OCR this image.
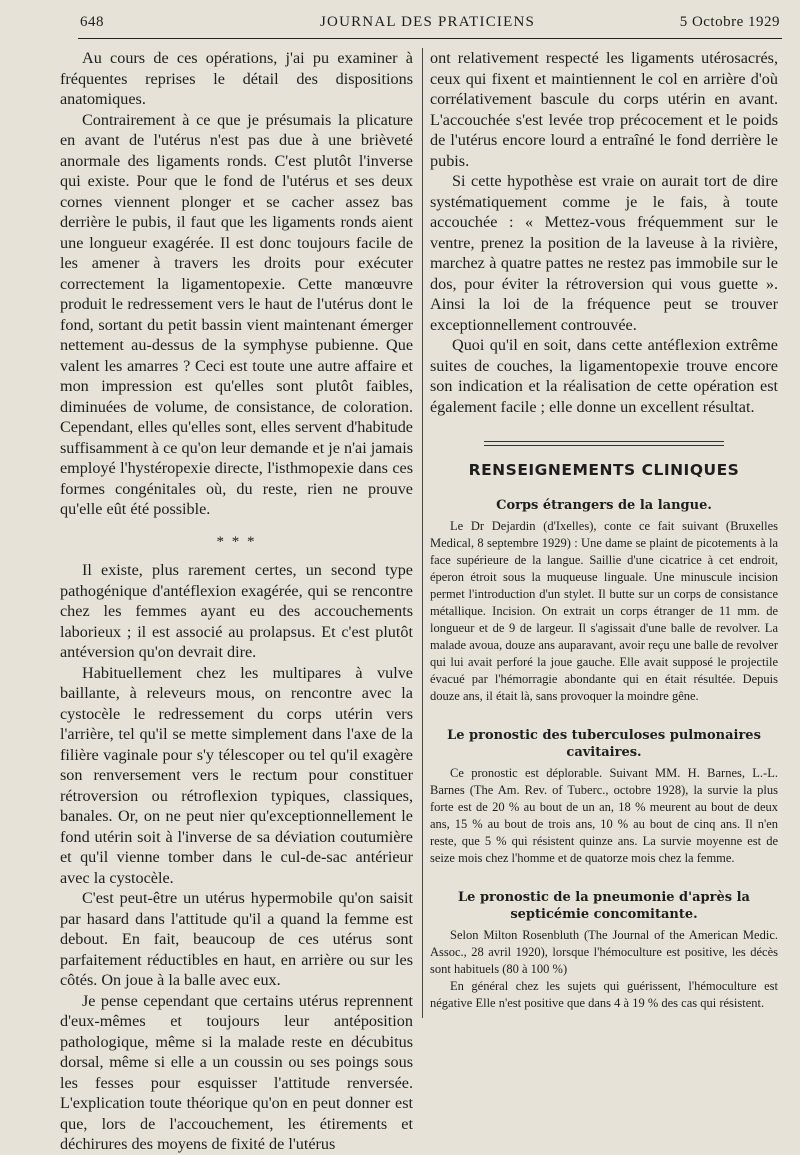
648	JOURNAL DES PRATICIENS	5 Octobre 1929

Au cours de ces opérations, j'ai pu examiner à fréquentes reprises le détail des dispositions anatomiques.

Contrairement à ce que je présumais la plicature en avant de l'utérus n'est pas due à une brièveté anormale des ligaments ronds. C'est plutôt l'inverse qui existe. Pour que le fond de l'utérus et ses deux cornes viennent plonger et se cacher assez bas derrière le pubis, il faut que les ligaments ronds aient une longueur exagérée. Il est donc toujours facile de les amener à travers les droits pour exécuter correctement la ligamentopexie. Cette manœuvre produit le redressement vers le haut de l'utérus dont le fond, sortant du petit bassin vient maintenant émerger nettement au-dessus de la symphyse pubienne. Que valent les amarres ? Ceci est toute une autre affaire et mon impression est qu'elles sont plutôt faibles, diminuées de volume, de consistance, de coloration. Cependant, elles qu'elles sont, elles servent d'habitude suffisamment à ce qu'on leur demande et je n'ai jamais employé l'hystéropexie directe, l'isthmopexie dans ces formes congénitales où, du reste, rien ne prouve qu'elle eût été possible.

* * *

Il existe, plus rarement certes, un second type pathogénique d'antéflexion exagérée, qui se rencontre chez les femmes ayant eu des accouchements laborieux ; il est associé au prolapsus. Et c'est plutôt antéversion qu'on devrait dire.

Habituellement chez les multipares à vulve baillante, à releveurs mous, on rencontre avec la cystocèle le redressement du corps utérin vers l'arrière, tel qu'il se mette simplement dans l'axe de la filière vaginale pour s'y télescoper ou tel qu'il exagère son renversement vers le rectum pour constituer rétroversion ou rétroflexion typiques, classiques, banales. Or, on ne peut nier qu'exceptionnellement le fond utérin soit à l'inverse de sa déviation coutumière et qu'il vienne tomber dans le cul-de-sac antérieur avec la cystocèle.

C'est peut-être un utérus hypermobile qu'on saisit par hasard dans l'attitude qu'il a quand la femme est debout. En fait, beaucoup de ces utérus sont parfaitement réductibles en haut, en arrière ou sur les côtés. On joue à la balle avec eux.

Je pense cependant que certains utérus reprennent d'eux-mêmes et toujours leur antéposition pathologique, même si la malade reste en décubitus dorsal, même si elle a un coussin ou ses poings sous les fesses pour esquisser l'attitude renversée. L'explication toute théorique qu'on en peut donner est que, lors de l'accouchement, les étirements et déchirures des moyens de fixité de l'utérus

ont relativement respecté les ligaments utérosacrés, ceux qui fixent et maintiennent le col en arrière d'où corrélativement bascule du corps utérin en avant. L'accouchée s'est levée trop précocement et le poids de l'utérus encore lourd a entraîné le fond derrière le pubis.

Si cette hypothèse est vraie on aurait tort de dire systématiquement comme je le fais, à toute accouchée : « Mettez-vous fréquemment sur le ventre, prenez la position de la laveuse à la rivière, marchez à quatre pattes ne restez pas immobile sur le dos, pour éviter la rétroversion qui vous guette ». Ainsi la loi de la fréquence peut se trouver exceptionnellement controuvée.

Quoi qu'il en soit, dans cette antéflexion extrême suites de couches, la ligamentopexie trouve encore son indication et la réalisation de cette opération est également facile ; elle donne un excellent résultat.

RENSEIGNEMENTS CLINIQUES
Corps étrangers de la langue.

Le Dr Dejardin (d'Ixelles), conte ce fait suivant (Bruxelles Medical, 8 septembre 1929) : Une dame se plaint de picotements à la face supérieure de la langue. Saillie d'une cicatrice à cet endroit, éperon étroit sous la muqueuse linguale. Une minuscule incision permet l'introduction d'un stylet. Il butte sur un corps de consistance métallique. Incision. On extrait un corps étranger de 11 mm. de longueur et de 9 de largeur. Il s'agissait d'une balle de revolver. La malade avoua, douze ans auparavant, avoir reçu une balle de revolver qui lui avait perforé la joue gauche. Elle avait supposé le projectile évacué par l'hémorragie abondante qui en était résultée. Depuis douze ans, il était là, sans provoquer la moindre gêne.

Le pronostic des tuberculoses pulmonaires cavitaires.

Ce pronostic est déplorable. Suivant MM. H. Barnes, L.-L. Barnes (The Am. Rev. of Tuberc., octobre 1928), la survie la plus forte est de 20 % au bout de un an, 18 % meurent au bout de deux ans, 15 % au bout de trois ans, 10 % au bout de cinq ans. Il n'en reste, que 5 % qui résistent quinze ans. La survie moyenne est de seize mois chez l'homme et de quatorze mois chez la femme.

Le pronostic de la pneumonie d'après la septicémie concomitante.

Selon Milton Rosenbluth (The Journal of the American Medic. Assoc., 28 avril 1920), lorsque l'hémoculture est positive, les décès sont habituels (80 à 100 %)

En général chez les sujets qui guérissent, l'hémoculture est négative Elle n'est positive que dans 4 à 19 % des cas qui résistent.
